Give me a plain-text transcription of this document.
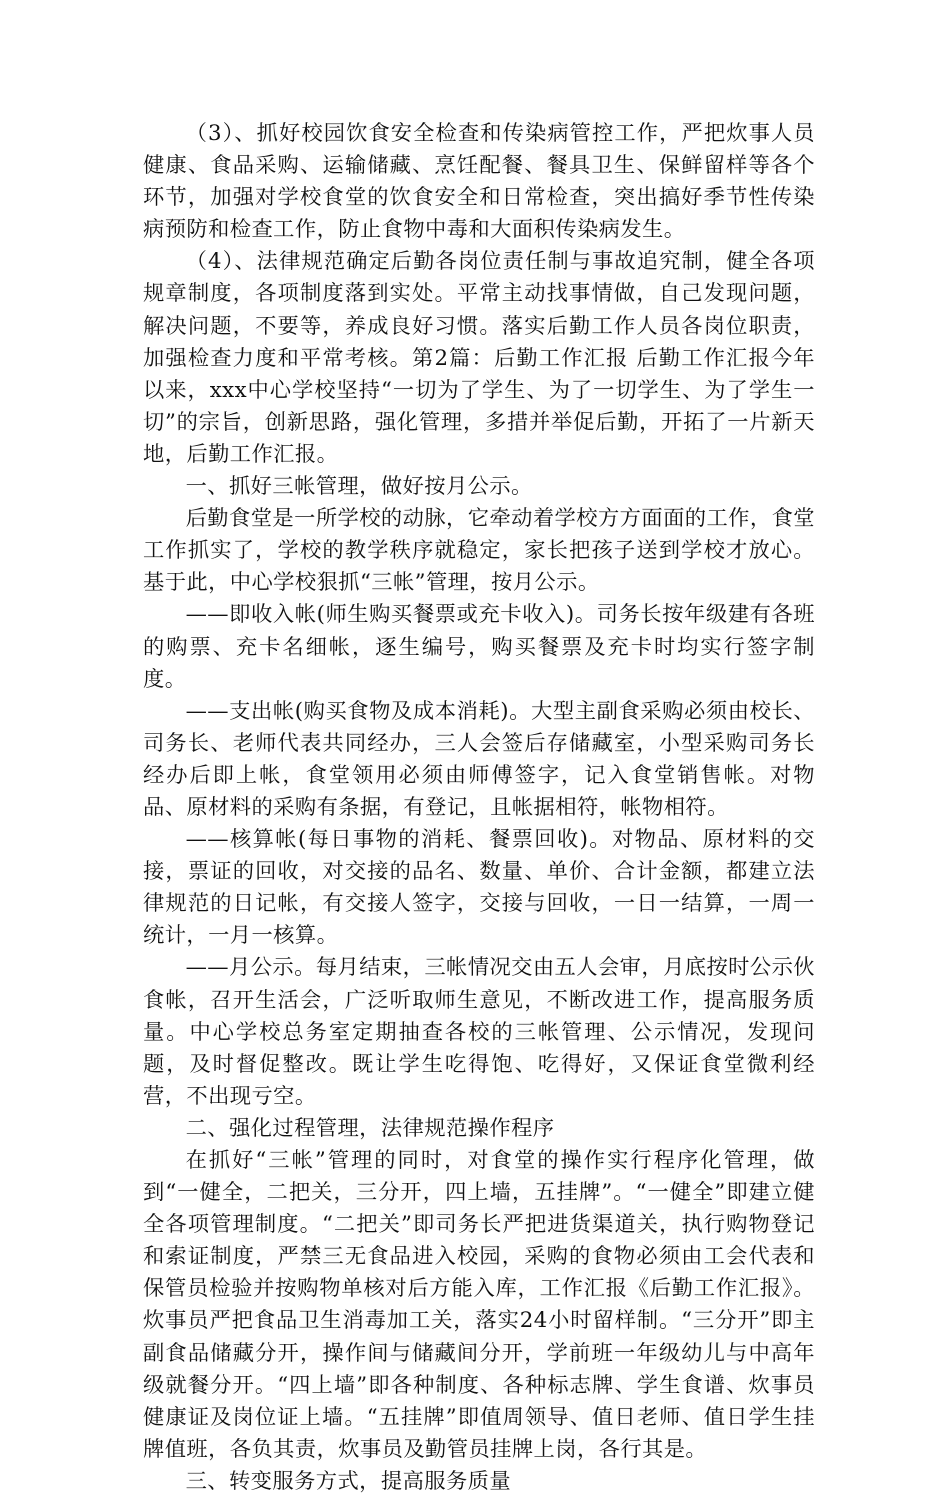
（3）、抓好校园饮食安全检查和传染病管控工作，严把炊事人员健康、食品采购、运输储藏、烹饪配餐、餐具卫生、保鲜留样等各个环节，加强对学校食堂的饮食安全和日常检查，突出搞好季节性传染病预防和检查工作，防止食物中毒和大面积传染病发生。

（4）、法律规范确定后勤各岗位责任制与事故追究制，健全各项规章制度，各项制度落到实处。平常主动找事情做，自己发现问题，解决问题，不要等，养成良好习惯。落实后勤工作人员各岗位职责，加强检查力度和平常考核。第2篇：后勤工作汇报 后勤工作汇报今年以来，xxx中心学校坚持“一切为了学生、为了一切学生、为了学生一切”的宗旨，创新思路，强化管理，多措并举促后勤，开拓了一片新天地，后勤工作汇报。

一、抓好三帐管理，做好按月公示。

后勤食堂是一所学校的动脉，它牵动着学校方方面面的工作，食堂工作抓实了，学校的教学秩序就稳定，家长把孩子送到学校才放心。基于此，中心学校狠抓“三帐”管理，按月公示。

——即收入帐(师生购买餐票或充卡收入)。司务长按年级建有各班的购票、充卡名细帐，逐生编号，购买餐票及充卡时均实行签字制度。

——支出帐(购买食物及成本消耗)。大型主副食采购必须由校长、司务长、老师代表共同经办，三人会签后存储藏室，小型采购司务长经办后即上帐，食堂领用必须由师傅签字，记入食堂销售帐。对物品、原材料的采购有条据，有登记，且帐据相符，帐物相符。

——核算帐(每日事物的消耗、餐票回收)。对物品、原材料的交接，票证的回收，对交接的品名、数量、单价、合计金额，都建立法律规范的日记帐，有交接人签字，交接与回收，一日一结算，一周一统计，一月一核算。

——月公示。每月结束，三帐情况交由五人会审，月底按时公示伙食帐，召开生活会，广泛听取师生意见，不断改进工作，提高服务质量。中心学校总务室定期抽查各校的三帐管理、公示情况，发现问题，及时督促整改。既让学生吃得饱、吃得好，又保证食堂微利经营，不出现亏空。

二、强化过程管理，法律规范操作程序

在抓好“三帐”管理的同时，对食堂的操作实行程序化管理，做到“一健全，二把关，三分开，四上墙，五挂牌”。“一健全”即建立健全各项管理制度。“二把关”即司务长严把进货渠道关，执行购物登记和索证制度，严禁三无食品进入校园，采购的食物必须由工会代表和保管员检验并按购物单核对后方能入库，工作汇报《后勤工作汇报》。 炊事员严把食品卫生消毒加工关，落实24小时留样制。“三分开”即主副食品储藏分开，操作间与储藏间分开，学前班一年级幼儿与中高年级就餐分开。“四上墙”即各种制度、各种标志牌、学生食谱、炊事员健康证及岗位证上墙。“五挂牌”即值周领导、值日老师、值日学生挂牌值班，各负其责，炊事员及勤管员挂牌上岗，各行其是。

三、转变服务方式，提高服务质量
